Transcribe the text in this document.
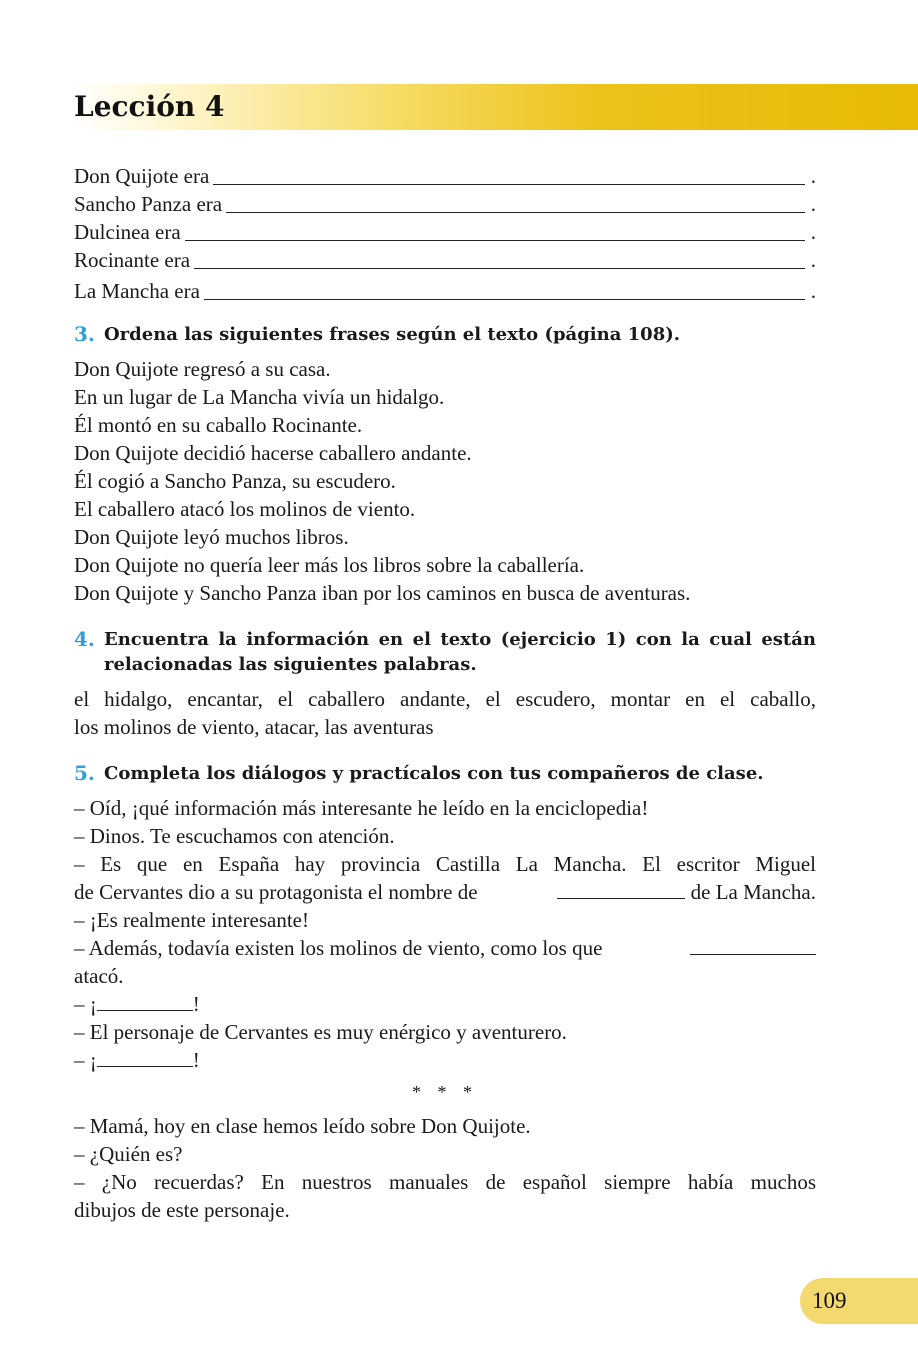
Lección 4
Don Quijote era	.
Sancho Panza era	.
Dulcinea era	.
Rocinante era	.
La Mancha era	.
3. Ordena las siguientes frases según el texto (página 108).
Don Quijote regresó a su casa.
En un lugar de La Mancha vivía un hidalgo.
Él montó en su caballo Rocinante.
Don Quijote decidió hacerse caballero andante.
Él cogió a Sancho Panza, su escudero.
El caballero atacó los molinos de viento.
Don Quijote leyó muchos libros.
Don Quijote no quería leer más los libros sobre la caballería.
Don Quijote y Sancho Panza iban por los caminos en busca de aventuras.
4. Encuentra la información en el texto (ejercicio 1) con la cual están relacionadas las siguientes palabras.
el hidalgo, encantar, el caballero andante, el escudero, montar en el caballo,
los molinos de viento, atacar, las aventuras
5. Completa los diálogos y practícalos con tus compañeros de clase.
– Oíd, ¡qué información más interesante he leído en la enciclopedia!
– Dinos. Te escuchamos con atención.
– Es que en España hay provincia Castilla La Mancha. El escritor Miguel
de Cervantes dio a su protagonista el nombre de	de La Mancha.
– ¡Es realmente interesante!
– Además, todavía existen los molinos de viento, como los que
atacó.
– ¡	!
– El personaje de Cervantes es muy enérgico y aventurero.
– ¡	!
* * *
– Mamá, hoy en clase hemos leído sobre Don Quijote.
– ¿Quién es?
– ¿No recuerdas? En nuestros manuales de español siempre había muchos
dibujos de este personaje.
109
